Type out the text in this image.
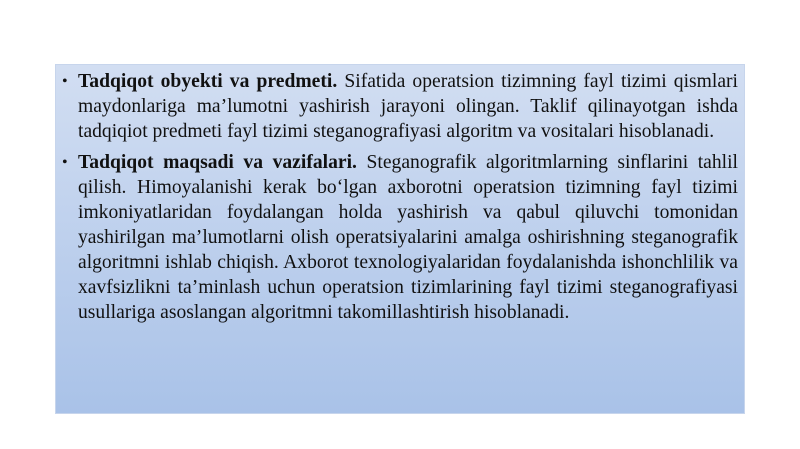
• Tadqiqot obyekti va predmeti. Sifatida operatsion tizimning fayl tizimi qismlari maydonlariga ma’lumotni yashirish jarayoni olingan. Taklif qilinayotgan ishda tadqiqiot predmeti fayl tizimi steganografiyasi algoritm va vositalari hisoblanadi.
• Tadqiqot maqsadi va vazifalari. Steganografik algoritmlarning sinflarini tahlil qilish. Himoyalanishi kerak bo‘lgan axborotni operatsion tizimning fayl tizimi imkoniyatlaridan foydalangan holda yashirish va qabul qiluvchi tomonidan yashirilgan ma’lumotlarni olish operatsiyalarini amalga oshirishning steganografik algoritmni ishlab chiqish. Axborot texnologiyalaridan foydalanishda ishonchlilik va xavfsizlikni ta’minlash uchun operatsion tizimlarining fayl tizimi steganografiyasi usullariga asoslangan algoritmni takomillashtirish hisoblanadi.
